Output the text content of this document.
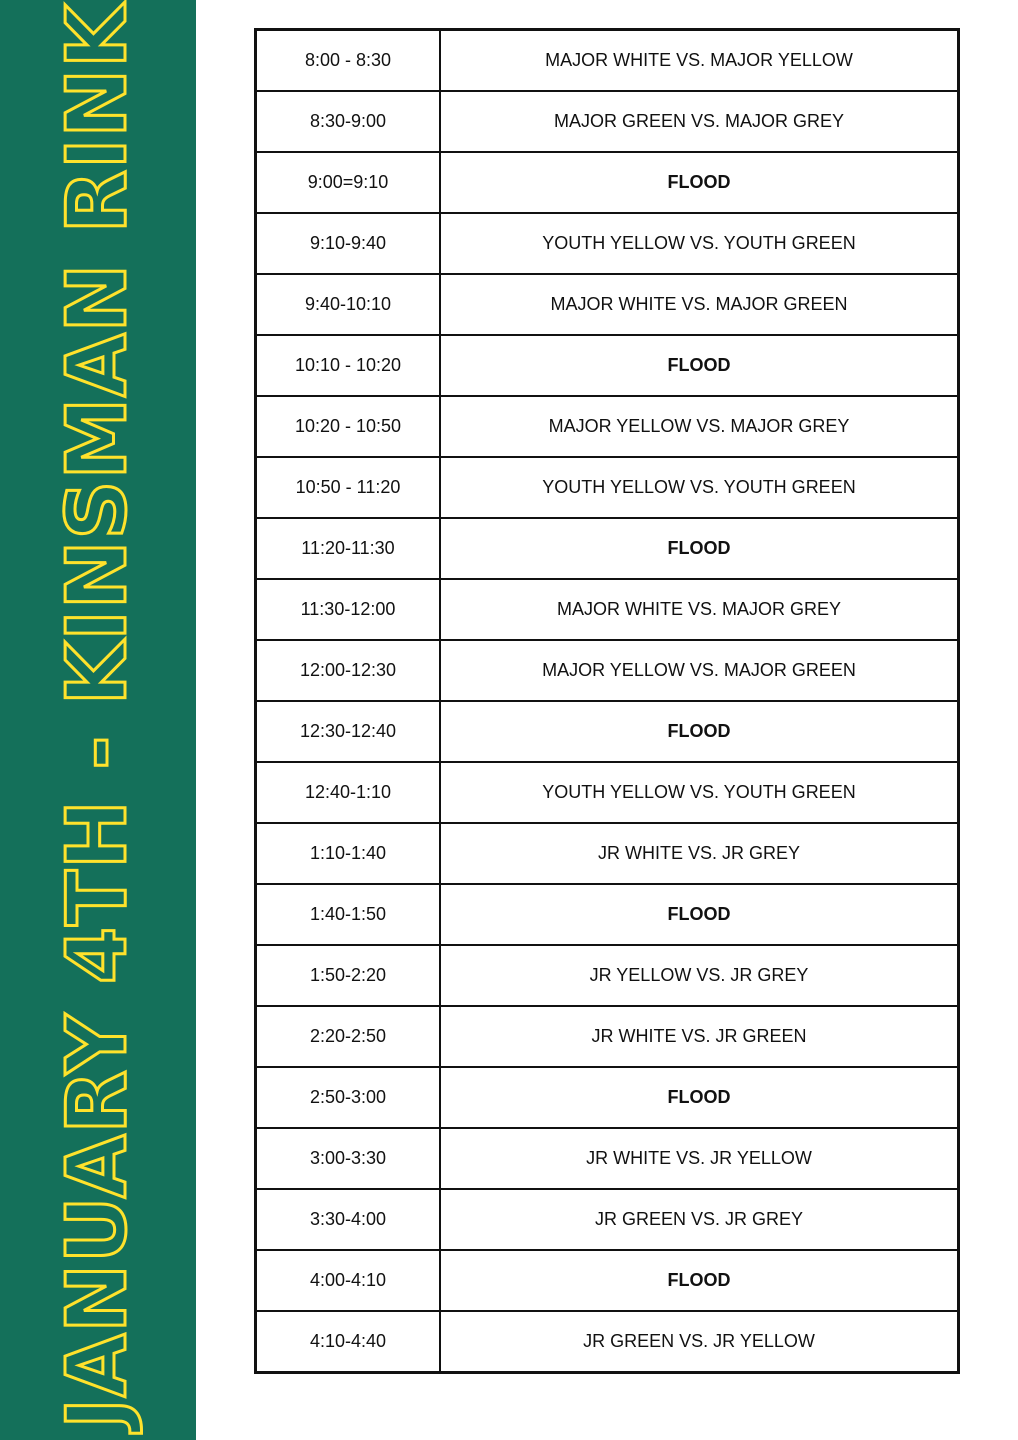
JANUARY 4TH - KINSMAN RINK	8:00 - 8:30	MAJOR WHITE VS. MAJOR YELLOW
8:30-9:00	MAJOR GREEN VS. MAJOR GREY
9:00=9:10	FLOOD
9:10-9:40	YOUTH YELLOW VS. YOUTH GREEN
9:40-10:10	MAJOR WHITE VS. MAJOR GREEN
10:10 - 10:20	FLOOD
10:20 - 10:50	MAJOR YELLOW VS. MAJOR GREY
10:50 - 11:20	YOUTH YELLOW VS. YOUTH GREEN
11:20-11:30	FLOOD
11:30-12:00	MAJOR WHITE VS. MAJOR GREY
12:00-12:30	MAJOR YELLOW VS. MAJOR GREEN
12:30-12:40	FLOOD
12:40-1:10	YOUTH YELLOW VS. YOUTH GREEN
1:10-1:40	JR WHITE VS. JR GREY
1:40-1:50	FLOOD
1:50-2:20	JR YELLOW VS. JR GREY
2:20-2:50	JR WHITE VS. JR GREEN
2:50-3:00	FLOOD
3:00-3:30	JR WHITE VS. JR YELLOW
3:30-4:00	JR GREEN VS. JR GREY
4:00-4:10	FLOOD
4:10-4:40	JR GREEN VS. JR YELLOW
